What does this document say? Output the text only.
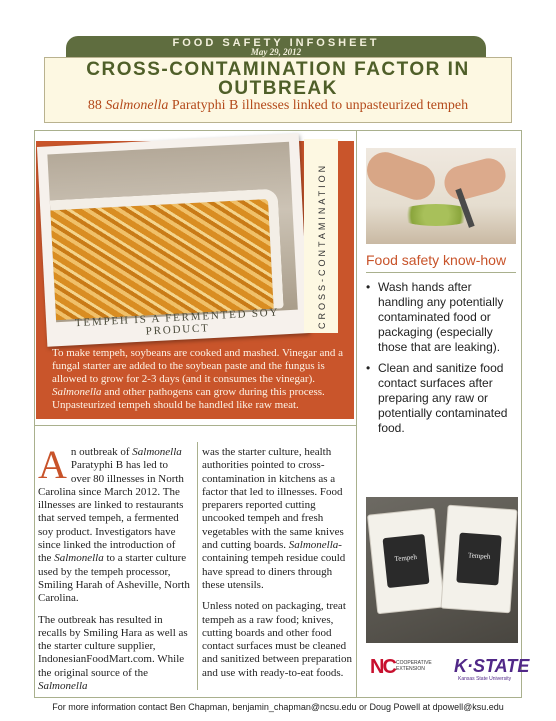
FOOD SAFETY INFOSHEET
May 29, 2012
CROSS-CONTAMINATION FACTOR IN
OUTBREAK
88 Salmonella Paratyphi B illnesses linked to unpasteurized tempeh
TEMPEH IS A FERMENTED SOY PRODUCT
CROSS-CONTAMINATION
To make tempeh, soybeans are cooked and mashed. Vinegar and a fungal starter are added to the soybean paste and the fungus is allowed to grow for 2-3 days (and it consumes the vinegar). Salmonella and other pathogens can grow during this process. Unpasteurized tempeh should be handled like raw meat.
Food safety know-how
• Wash hands after handling any potentially contaminated food or packaging (especially those that are leaking).
• Clean and sanitize food contact surfaces after preparing any raw or potentially contaminated food.
Tempeh	Tempeh
NC COOPERATIVE EXTENSION	K·STATE
Kansas State University

A n outbreak of Salmonella Paratyphi B has led to over 80 illnesses in North Carolina since March 2012. The illnesses are linked to restaurants that served tempeh, a fermented soy product. Investigators have since linked the introduction of the Salmonella to a starter culture used by the tempeh processor, Smiling Harah of Asheville, North Carolina.

The outbreak has resulted in recalls by Smiling Hara as well as the starter culture supplier, IndonesianFoodMart.com. While the original source of the Salmonella

was the starter culture, health authorities pointed to cross-contamination in kitchens as a factor that led to illnesses. Food preparers reported cutting uncooked tempeh and fresh vegetables with the same knives and cutting boards. Salmonella-containing tempeh residue could have spread to diners through these utensils.

Unless noted on packaging, treat tempeh as a raw food; knives, cutting boards and other food contact surfaces must be cleaned and sanitized between preparation and use with ready-to-eat foods.

For more information contact Ben Chapman, benjamin_chapman@ncsu.edu or Doug Powell at dpowell@ksu.edu
